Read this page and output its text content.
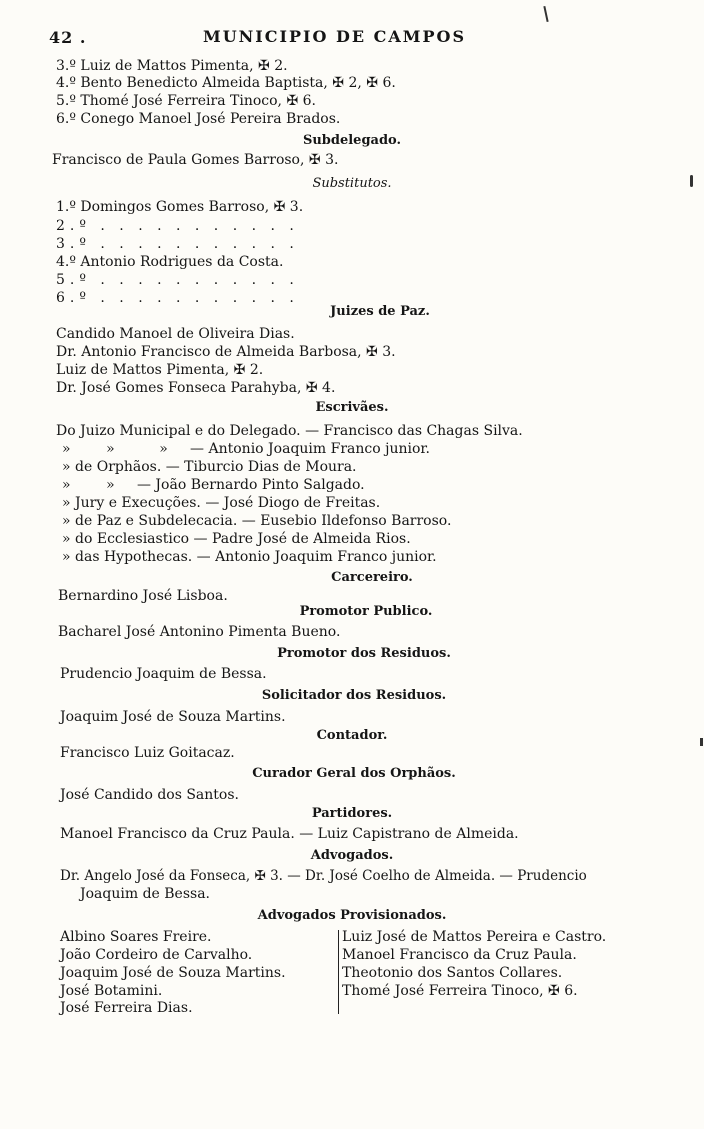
42 .	MUNICIPIO DE CAMPOS
3.º Luiz de Mattos Pimenta, ✠ 2.
4.º Bento Benedicto Almeida Baptista, ✠ 2, ✠ 6.
5.º Thomé José Ferreira Tinoco, ✠ 6.
6.º Conego Manoel José Pereira Brados.
Subdelegado.
Francisco de Paula Gomes Barroso, ✠ 3.
Substitutos.
1.º Domingos Gomes Barroso, ✠ 3.
2.º . . . . . . . . . . .
3.º . . . . . . . . . . .
4.º Antonio Rodrigues da Costa.
5.º . . . . . . . . . . .
6.º . . . . . . . . . . .
Juizes de Paz.
Candido Manoel de Oliveira Dias.
Dr. Antonio Francisco de Almeida Barbosa, ✠ 3.
Luiz de Mattos Pimenta, ✠ 2.
Dr. José Gomes Fonseca Parahyba, ✠ 4.
Escrivães.
Do Juizo Municipal e do Delegado. — Francisco das Chagas Silva.
»        »          »     — Antonio Joaquim Franco junior.
» de Orphãos. — Tiburcio Dias de Moura.
»        »     — João Bernardo Pinto Salgado.
» Jury e Execuções. — José Diogo de Freitas.
» de Paz e Subdelecacia. — Eusebio Ildefonso Barroso.
» do Ecclesiastico — Padre José de Almeida Rios.
» das Hypothecas. — Antonio Joaquim Franco junior.
Carcereiro.
Bernardino José Lisboa.
Promotor Publico.
Bacharel José Antonino Pimenta Bueno.
Promotor dos Residuos.
Prudencio Joaquim de Bessa.
Solicitador dos Residuos.
Joaquim José de Souza Martins.
Contador.
Francisco Luiz Goitacaz.
Curador Geral dos Orphãos.
José Candido dos Santos.
Partidores.
Manoel Francisco da Cruz Paula. — Luiz Capistrano de Almeida.
Advogados.
Dr. Angelo José da Fonseca, ✠ 3. — Dr. José Coelho de Almeida. — Prudencio
Joaquim de Bessa.
Advogados Provisionados.
Albino Soares Freire.
João Cordeiro de Carvalho.
Joaquim José de Souza Martins.
José Botamini.
José Ferreira Dias.
Luiz José de Mattos Pereira e Castro.
Manoel Francisco da Cruz Paula.
Theotonio dos Santos Collares.
Thomé José Ferreira Tinoco, ✠ 6.
